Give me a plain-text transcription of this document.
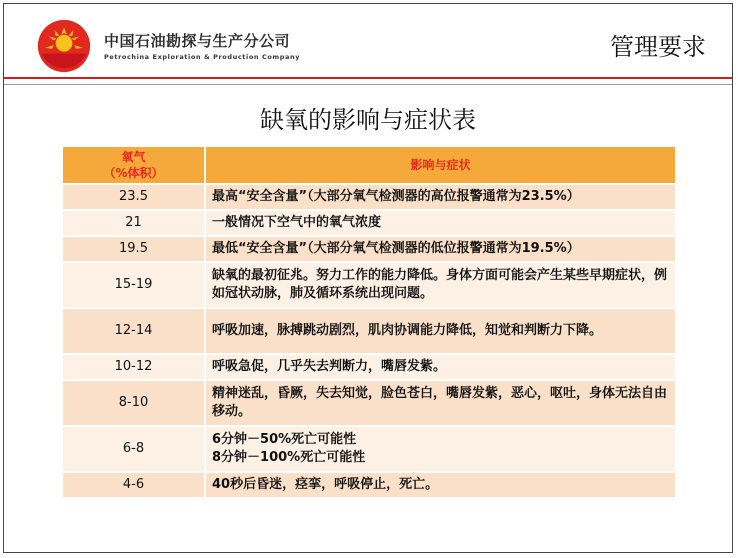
中国石油勘探与生产分公司
Petrochina Exploration & Production Company	管理要求
缺氧的影响与症状表
氧气
（%体积）	影响与症状
23.5	最高“安全含量”（大部分氧气检测器的高位报警通常为23.5%）
21	一般情况下空气中的氧气浓度
19.5	最低“安全含量”（大部分氧气检测器的低位报警通常为19.5%）
15-19	缺氧的最初征兆。努力工作的能力降低。身体方面可能会产生某些早期症状，例如冠状动脉，肺及循环系统出现问题。
12-14	呼吸加速，脉搏跳动剧烈，肌肉协调能力降低，知觉和判断力下降。
10-12	呼吸急促，几乎失去判断力，嘴唇发紫。
8-10	精神迷乱，昏厥，失去知觉，脸色苍白，嘴唇发紫，恶心，呕吐，身体无法自由移动。
6-8	6分钟－50%死亡可能性
8分钟－100%死亡可能性

4-6	40秒后昏迷，痉挛，呼吸停止，死亡。
